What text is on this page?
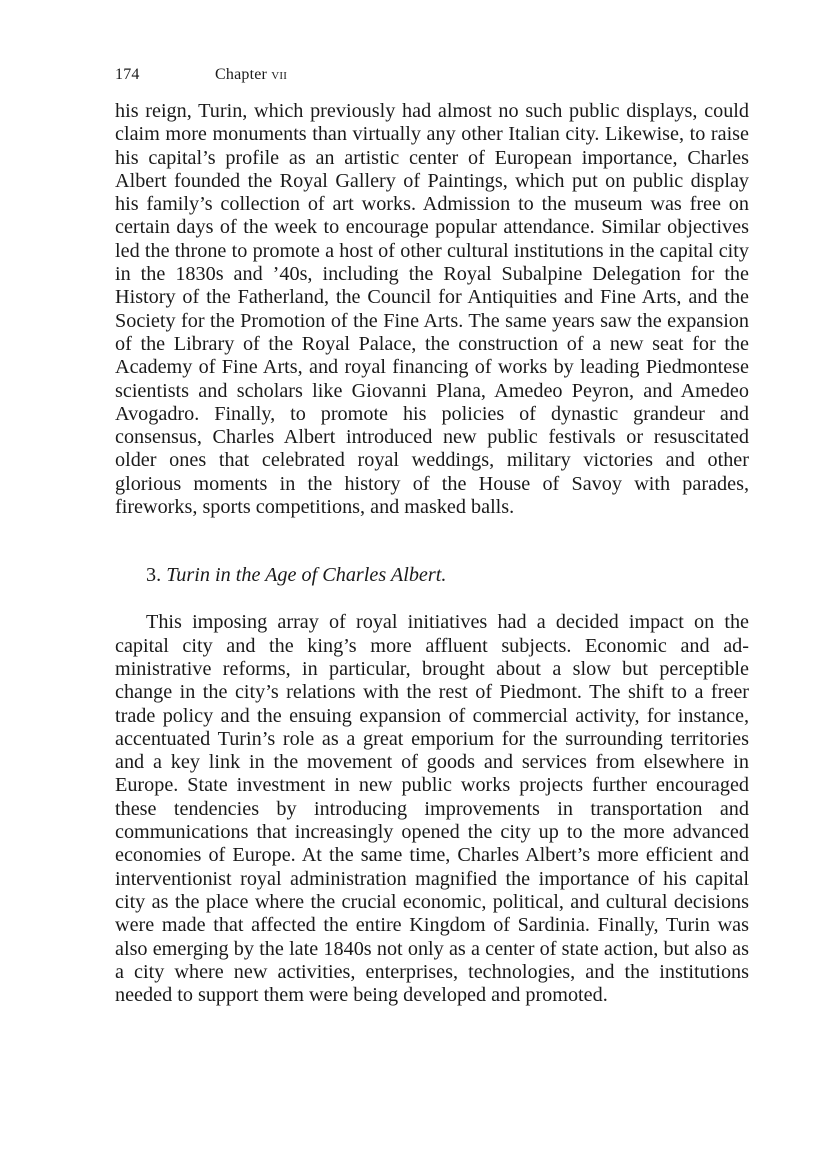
174	Chapter vii

his reign, Turin, which previously had almost no such public displays, could claim more monuments than virtually any other Italian city. Likewise, to raise his capital’s profile as an artistic center of European importance, Charles Albert founded the Royal Gallery of Paintings, which put on public display his family’s collection of art works. Admission to the museum was free on certain days of the week to encourage popular attendance. Similar objectives led the throne to promote a host of other cultural institutions in the capital city in the 1830s and ’40s, including the Royal Subalpine Delegation for the History of the Fatherland, the Council for Antiquities and Fine Arts, and the Society for the Promotion of the Fine Arts. The same years saw the expansion of the Library of the Royal Palace, the construction of a new seat for the Academy of Fine Arts, and royal financing of works by leading Piedmontese scientists and scholars like Giovanni Plana, Amedeo Peyron, and Amedeo Avogadro. Finally, to promote his policies of dynastic grandeur and consensus, Charles Albert introduced new public festivals or resuscitated older ones that celebrated royal weddings, military victories and other glorious moments in the history of the House of Savoy with parades, fireworks, sports competitions, and masked balls.

3. Turin in the Age of Charles Albert.

This imposing array of royal initiatives had a decided impact on the capital city and the king’s more affluent subjects. Economic and administrative reforms, in particular, brought about a slow but perceptible change in the city’s relations with the rest of Piedmont. The shift to a freer trade policy and the ensuing expansion of commercial activity, for instance, accentuated Turin’s role as a great emporium for the surrounding territories and a key link in the movement of goods and services from elsewhere in Europe. State investment in new public works projects further encouraged these tendencies by introducing improvements in transportation and communications that increasingly opened the city up to the more advanced economies of Europe. At the same time, Charles Albert’s more efficient and interventionist royal administration magnified the importance of his capital city as the place where the crucial economic, political, and cultural decisions were made that affected the entire Kingdom of Sardinia. Finally, Turin was also emerging by the late 1840s not only as a center of state action, but also as a city where new activities, enterprises, technologies, and the institutions needed to support them were being developed and promoted.
